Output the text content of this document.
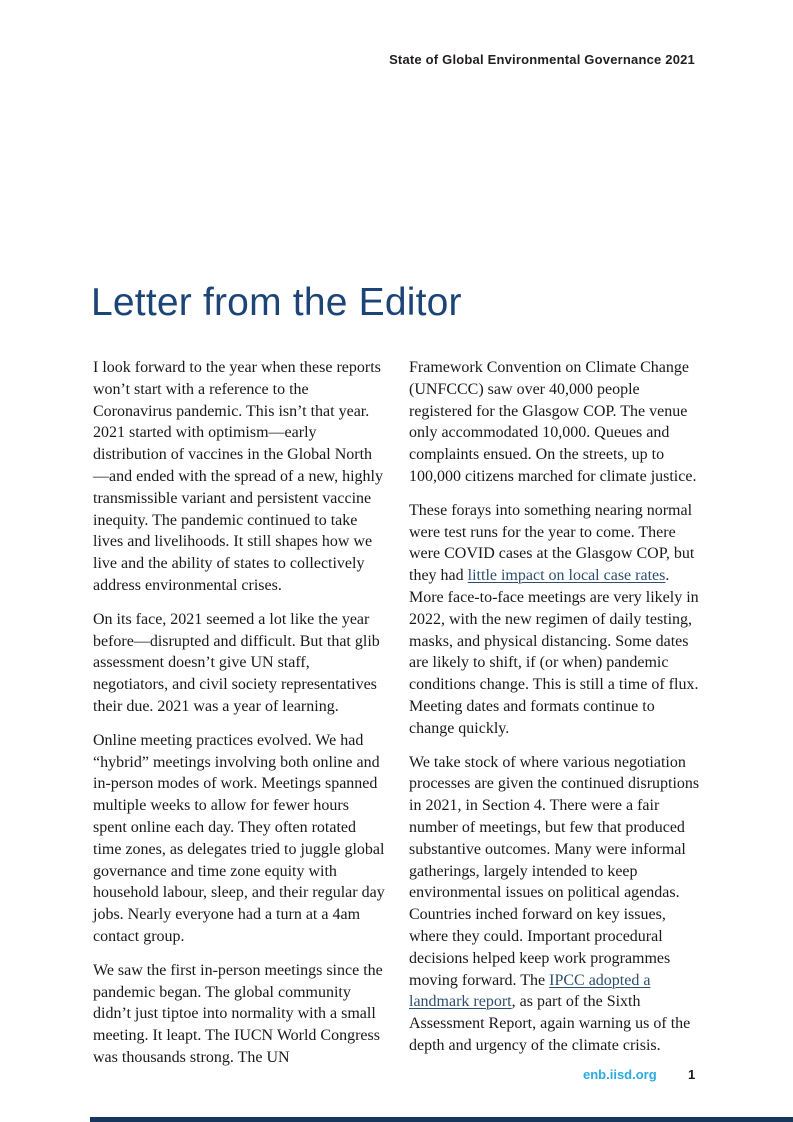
State of Global Environmental Governance 2021
Letter from the Editor

I look forward to the year when these reports won’t start with a reference to the Coronavirus pandemic. This isn’t that year. 2021 started with optimism—early distribution of vaccines in the Global North—and ended with the spread of a new, highly transmissible variant and persistent vaccine inequity. The pandemic continued to take lives and livelihoods. It still shapes how we live and the ability of states to collectively address environmental crises.

On its face, 2021 seemed a lot like the year before—disrupted and difficult. But that glib assessment doesn’t give UN staff, negotiators, and civil society representatives their due. 2021 was a year of learning.

Online meeting practices evolved. We had “hybrid” meetings involving both online and in-person modes of work. Meetings spanned multiple weeks to allow for fewer hours spent online each day. They often rotated time zones, as delegates tried to juggle global governance and time zone equity with household labour, sleep, and their regular day jobs. Nearly everyone had a turn at a 4am contact group.

We saw the first in-person meetings since the pandemic began. The global community didn’t just tiptoe into normality with a small meeting. It leapt. The IUCN World Congress was thousands strong. The UN

Framework Convention on Climate Change (UNFCCC) saw over 40,000 people registered for the Glasgow COP. The venue only accommodated 10,000. Queues and complaints ensued. On the streets, up to 100,000 citizens marched for climate justice.

These forays into something nearing normal were test runs for the year to come. There were COVID cases at the Glasgow COP, but they had little impact on local case rates. More face-to-face meetings are very likely in 2022, with the new regimen of daily testing, masks, and physical distancing. Some dates are likely to shift, if (or when) pandemic conditions change. This is still a time of flux. Meeting dates and formats continue to change quickly.

We take stock of where various negotiation processes are given the continued disruptions in 2021, in Section 4. There were a fair number of meetings, but few that produced substantive outcomes. Many were informal gatherings, largely intended to keep environmental issues on political agendas. Countries inched forward on key issues, where they could. Important procedural decisions helped keep work programmes moving forward. The IPCC adopted a landmark report, as part of the Sixth Assessment Report, again warning us of the depth and urgency of the climate crisis.

enb.iisd.org 1
